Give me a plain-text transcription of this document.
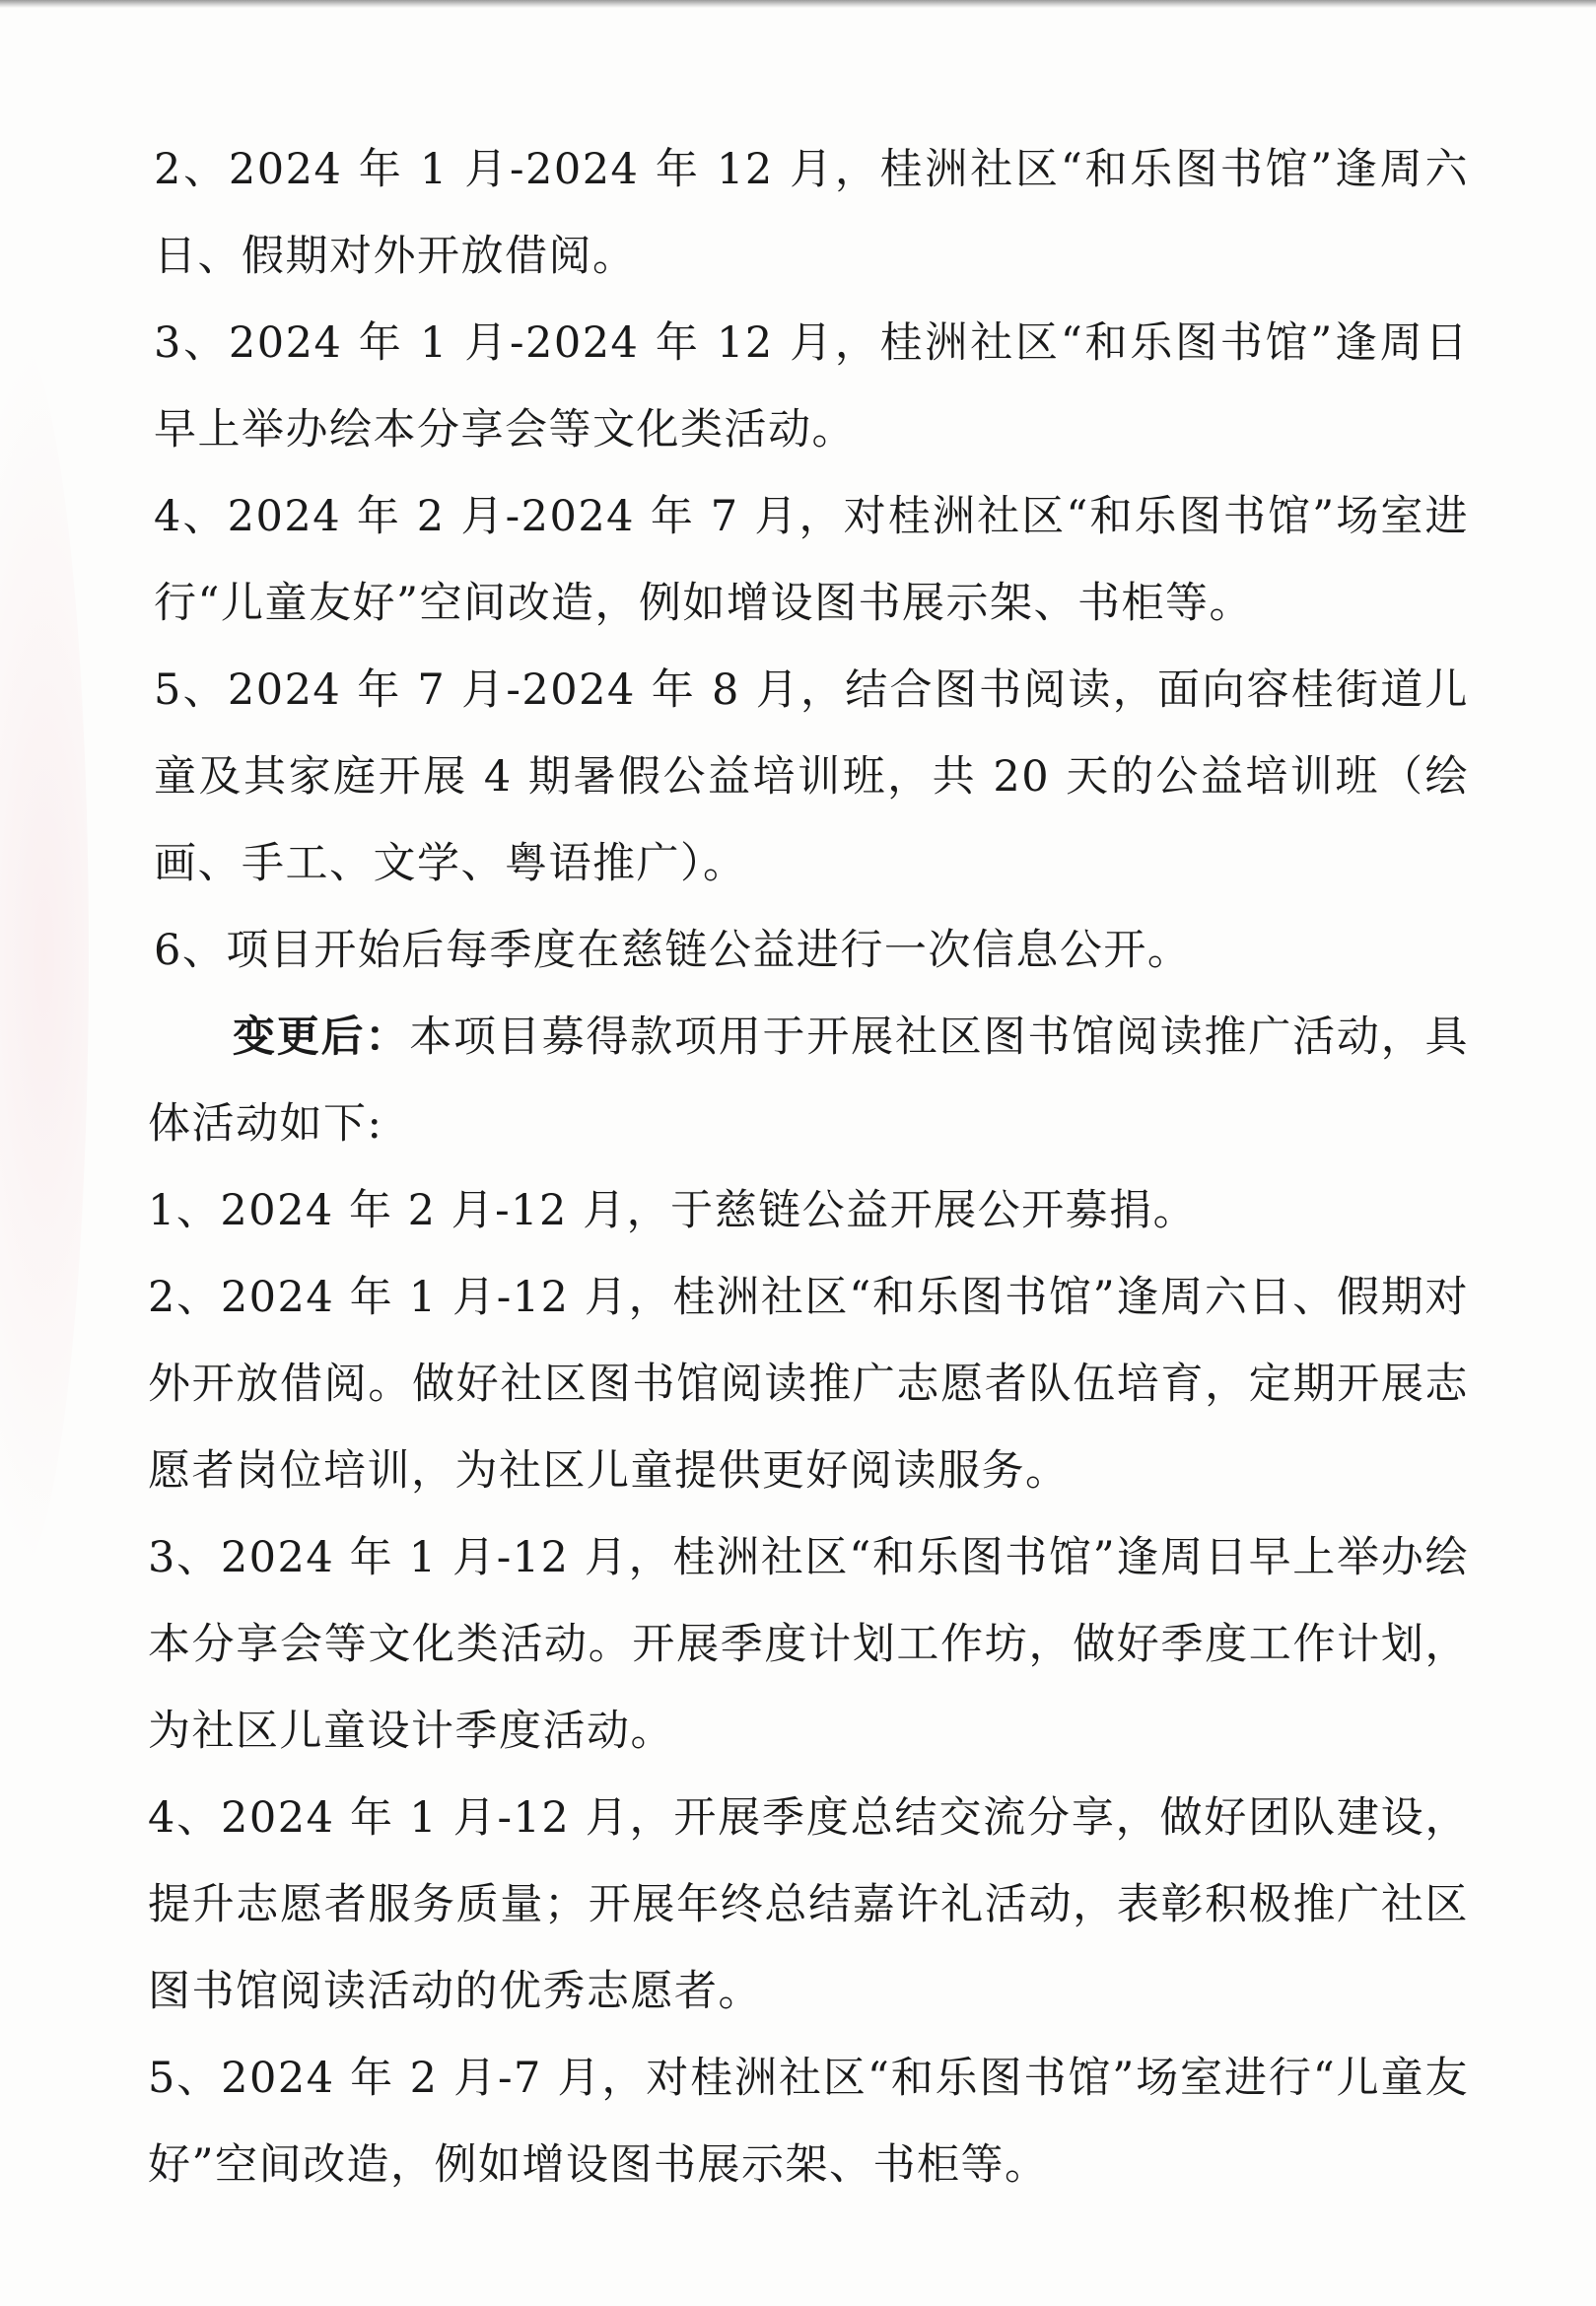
2、2024 年 1 月-2024 年 12 月，桂洲社区“和乐图书馆”逢周六日、假期对外开放借阅。

3、2024 年 1 月-2024 年 12 月，桂洲社区“和乐图书馆”逢周日早上举办绘本分享会等文化类活动。

4、2024 年 2 月-2024 年 7 月，对桂洲社区“和乐图书馆”场室进行“儿童友好”空间改造，例如增设图书展示架、书柜等。

5、2024 年 7 月-2024 年 8 月，结合图书阅读，面向容桂街道儿童及其家庭开展 4 期暑假公益培训班，共 20 天的公益培训班（绘画、手工、文学、粤语推广）。

6、项目开始后每季度在慈链公益进行一次信息公开。

变更后：本项目募得款项用于开展社区图书馆阅读推广活动，具体活动如下:

1、2024 年 2 月-12 月，于慈链公益开展公开募捐。

2、2024 年 1 月-12 月，桂洲社区“和乐图书馆”逢周六日、假期对外开放借阅。做好社区图书馆阅读推广志愿者队伍培育，定期开展志愿者岗位培训，为社区儿童提供更好阅读服务。

3、2024 年 1 月-12 月，桂洲社区“和乐图书馆”逢周日早上举办绘本分享会等文化类活动。开展季度计划工作坊，做好季度工作计划，为社区儿童设计季度活动。

4、2024 年 1 月-12 月，开展季度总结交流分享，做好团队建设，提升志愿者服务质量；开展年终总结嘉许礼活动，表彰积极推广社区图书馆阅读活动的优秀志愿者。

5、2024 年 2 月-7 月，对桂洲社区“和乐图书馆”场室进行“儿童友好”空间改造，例如增设图书展示架、书柜等。
